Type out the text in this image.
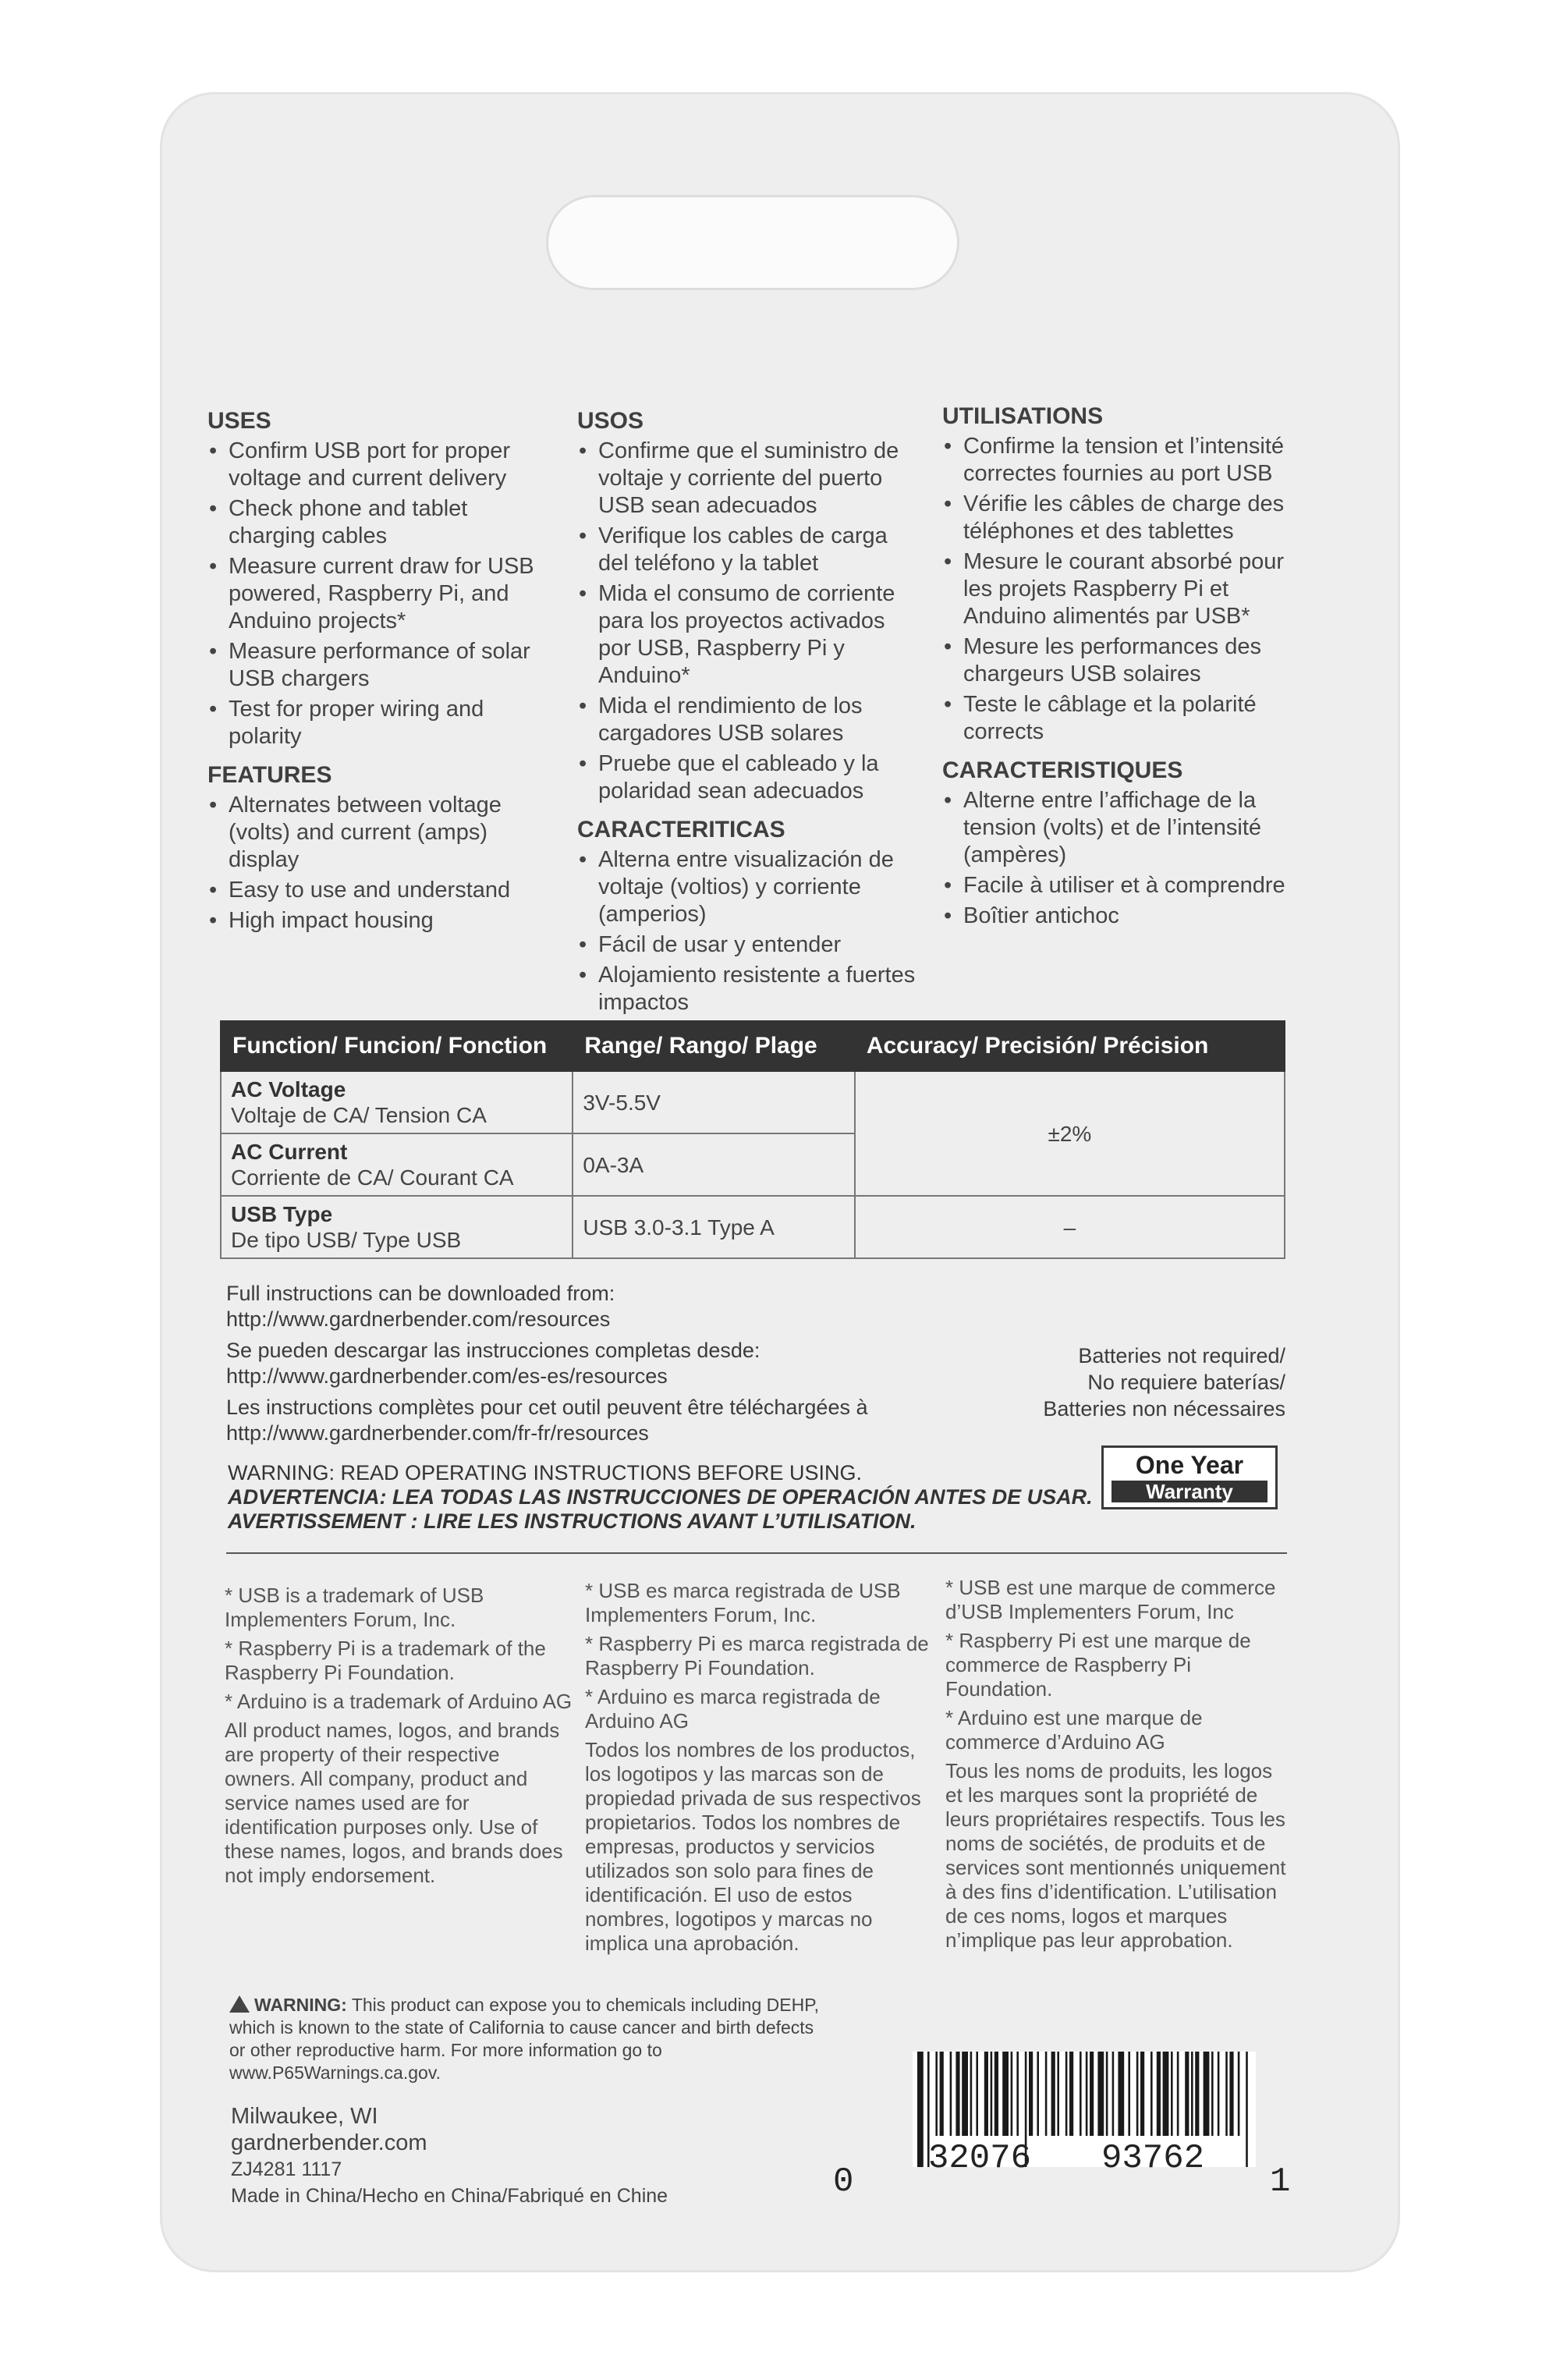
USES
• Confirm USB port for proper voltage and current delivery
• Check phone and tablet charging cables
• Measure current draw for USB powered, Raspberry Pi, and Anduino projects*
• Measure performance of solar USB chargers
• Test for proper wiring and polarity
FEATURES
• Alternates between voltage (volts) and current (amps) display
• Easy to use and understand
• High impact housing
USOS
• Confirme que el suministro de voltaje y corriente del puerto USB sean adecuados
• Verifique los cables de carga del teléfono y la tablet
• Mida el consumo de corriente para los proyectos activados por USB, Raspberry Pi y Anduino*
• Mida el rendimiento de los cargadores USB solares
• Pruebe que el cableado y la polaridad sean adecuados
CARACTERITICAS
• Alterna entre visualización de voltaje (voltios) y corriente (amperios)
• Fácil de usar y entender
• Alojamiento resistente a fuertes impactos
UTILISATIONS
• Confirme la tension et l’intensité correctes fournies au port USB
• Vérifie les câbles de charge des téléphones et des tablettes
• Mesure le courant absorbé pour les projets Raspberry Pi et Anduino alimentés par USB*
• Mesure les performances des chargeurs USB solaires
• Teste le câblage et la polarité corrects
CARACTERISTIQUES
• Alterne entre l’affichage de la tension (volts) et de l’intensité (ampères)
• Facile à utiliser et à comprendre
• Boîtier antichoc
Function/ Funcion/ Fonction	Range/ Rango/ Plage	Accuracy/ Precisión/ Précision

AC Voltage
Voltaje de CA/ Tension CA	3V-5.5V	±2%

AC Current
Corriente de CA/ Courant CA	0A-3A	

USB Type
De tipo USB/ Type USB	USB 3.0-3.1 Type A	–

Full instructions can be downloaded from:
http://www.gardnerbender.com/resources

Se pueden descargar las instrucciones completas desde:
http://www.gardnerbender.com/es-es/resources

Les instructions complètes pour cet outil peuvent être téléchargées à
http://www.gardnerbender.com/fr-fr/resources

WARNING: READ OPERATING INSTRUCTIONS BEFORE USING.
ADVERTENCIA: LEA TODAS LAS INSTRUCCIONES DE OPERACIÓN ANTES DE USAR.
AVERTISSEMENT : LIRE LES INSTRUCTIONS AVANT L’UTILISATION.
Batteries not required/
No requiere baterías/
Batteries non nécessaires
One Year
Warranty

* USB is a trademark of USB Implementers Forum, Inc.

* Raspberry Pi is a trademark of the Raspberry Pi Foundation.

* Arduino is a trademark of Arduino AG

All product names, logos, and brands are property of their respective owners. All company, product and service names used are for identification purposes only. Use of these names, logos, and brands does not imply endorsement.

* USB es marca registrada de USB Implementers Forum, Inc.

* Raspberry Pi es marca registrada de Raspberry Pi Foundation.

* Arduino es marca registrada de Arduino AG

Todos los nombres de los productos, los logotipos y las marcas son de propiedad privada de sus respectivos propietarios. Todos los nombres de empresas, productos y servicios utilizados son solo para fines de identificación. El uso de estos nombres, logotipos y marcas no implica una aprobación.

* USB est une marque de commerce d’USB Implementers Forum, Inc

* Raspberry Pi est une marque de commerce de Raspberry Pi Foundation.

* Arduino est une marque de commerce d’Arduino AG

Tous les noms de produits, les logos et les marques sont la propriété de leurs propriétaires respectifs. Tous les noms de sociétés, de produits et de services sont mentionnés uniquement à des fins d’identification. L’utilisation de ces noms, logos et marques n’implique pas leur approbation.

WARNING: This product can expose you to chemicals including DEHP, which is known to the state of California to cause cancer and birth defects or other reproductive harm. For more information go to www.P65Warnings.ca.gov.
Milwaukee, WI
gardnerbender.com
ZJ4281 1117
Made in China/Hecho en China/Fabriqué en Chine	0
32076 93762
1
